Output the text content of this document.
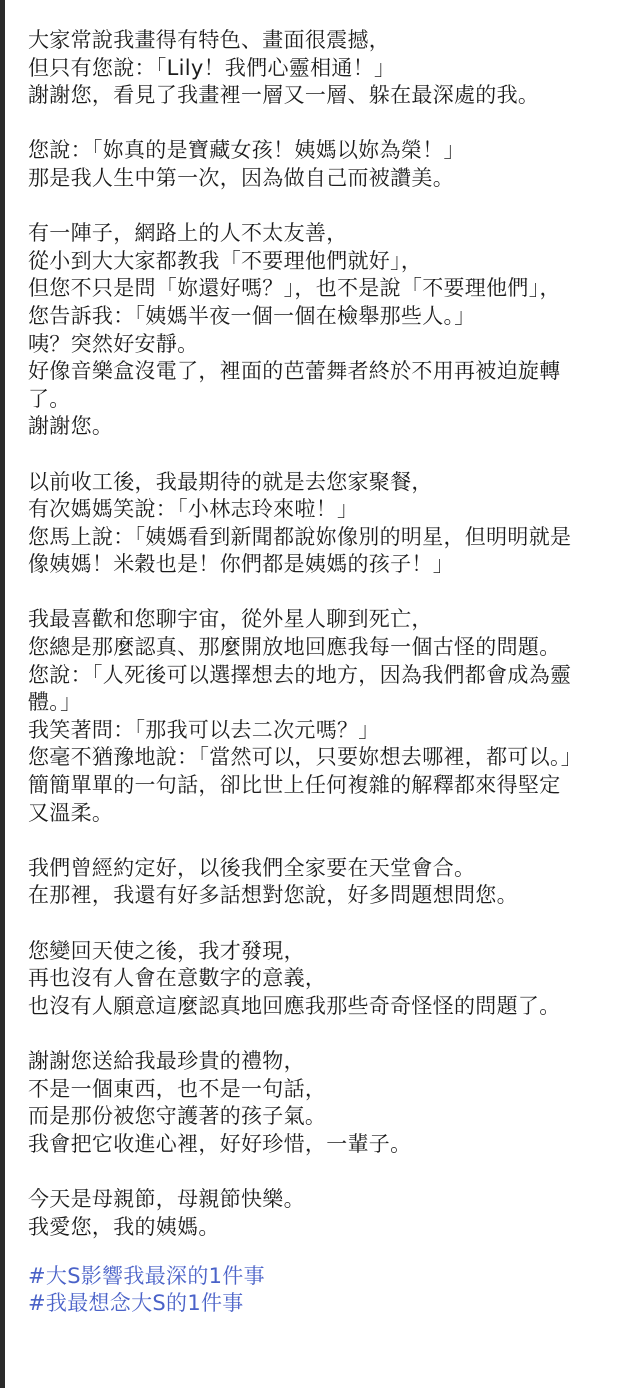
大家常說我畫得有特色、畫面很震撼，
但只有您說：「Lily！我們心靈相通！」
謝謝您，看見了我畫裡一層又一層、躲在最深處的我。

您說：「妳真的是寶藏女孩！姨媽以妳為榮！」
那是我人生中第一次，因為做自己而被讚美。

有一陣子，網路上的人不太友善，
從小到大大家都教我「不要理他們就好」，
但您不只是問「妳還好嗎？」，也不是說「不要理他們」，
您告訴我：「姨媽半夜一個一個在檢舉那些人。」
咦？突然好安靜。
好像音樂盒沒電了，裡面的芭蕾舞者終於不用再被迫旋轉
了。
謝謝您。

以前收工後，我最期待的就是去您家聚餐，
有次媽媽笑說：「小林志玲來啦！」
您馬上說：「姨媽看到新聞都說妳像別的明星，但明明就是
像姨媽！米穀也是！你們都是姨媽的孩子！」

我最喜歡和您聊宇宙，從外星人聊到死亡，
您總是那麼認真、那麼開放地回應我每一個古怪的問題。
您說：「人死後可以選擇想去的地方，因為我們都會成為靈
體。」
我笑著問：「那我可以去二次元嗎？」
您毫不猶豫地說：「當然可以，只要妳想去哪裡，都可以。」
簡簡單單的一句話，卻比世上任何複雜的解釋都來得堅定
又溫柔。

我們曾經約定好，以後我們全家要在天堂會合。
在那裡，我還有好多話想對您說，好多問題想問您。

您變回天使之後，我才發現，
再也沒有人會在意數字的意義，
也沒有人願意這麼認真地回應我那些奇奇怪怪的問題了。

謝謝您送給我最珍貴的禮物，
不是一個東西，也不是一句話，
而是那份被您守護著的孩子氣。
我會把它收進心裡，好好珍惜，一輩子。

今天是母親節，母親節快樂。
我愛您，我的姨媽。

#大S影響我最深的1件事
#我最想念大S的1件事
